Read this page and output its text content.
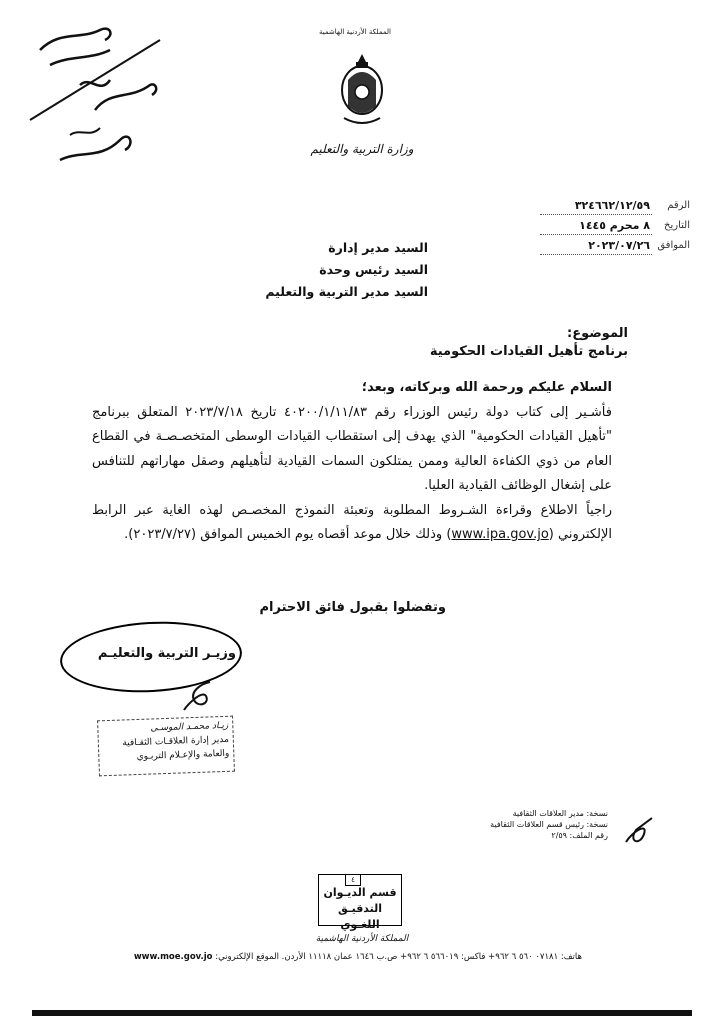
المملكة الأردنية الهاشمية
وزارة التربية والتعليم
الرقم
٣٢٤٦٦٢/١٢/٥٩
التاريخ
٨ محرم ١٤٤٥
الموافق
٢٠٢٣/٠٧/٢٦
السيد مدير إدارة
السيد رئيس وحدة
السيد مدير التربية والتعليم
الموضوع:
برنامج تأهيل القيادات الحكومية

السلام عليكم ورحمة الله وبركاته، وبعد؛

فأشـير إلى كتاب دولة رئيس الوزراء رقم ٤٠٢٠٠/١/١١/٨٣ تاريخ ٢٠٢٣/٧/١٨ المتعلق ببرنامج "تأهيل القيادات الحكومية" الذي يهدف إلى استقطاب القيادات الوسطى المتخصـصـة في القطاع العام من ذوي الكفاءة العالية وممن يمتلكون السمات القيادية لتأهيلهم وصقل مهاراتهم للتنافس على إشغال الوظائف القيادية العليا.

راجياً الاطلاع وقراءة الشـروط المطلوبة وتعبئة النموذج المخصـص لهذه الغاية عبر الرابط الإلكتروني (www.ipa.gov.jo) وذلك خلال موعد أقصاه يوم الخميس الموافق (٢٠٢٣/٧/٢٧).

وتفضلوا بقبول فائق الاحترام
وزيـر التربية والتعليـم
زيـاد محمـد الموسـى
مدير إدارة العلاقـات الثقـافية
والعامة والإعـلام التربـوي
نسخة: مدير العلاقات الثقافية
نسخة: رئيس قسم العلاقات الثقافية
رقم الملف: ٢/٥٩
٤
قسم الديـوان
التدقيـق اللغـوي
المملكة الأردنية الهاشمية
هاتف: ٠٧١٨١ ٥٦٠ ٦ ٩٦٢+ فاكس: ٥٦٦٠١٩ ٦ ٩٦٢+ ص.ب ١٦٤٦ عمان ١١١١٨ الأردن. الموقع الإلكتروني: www.moe.gov.jo
